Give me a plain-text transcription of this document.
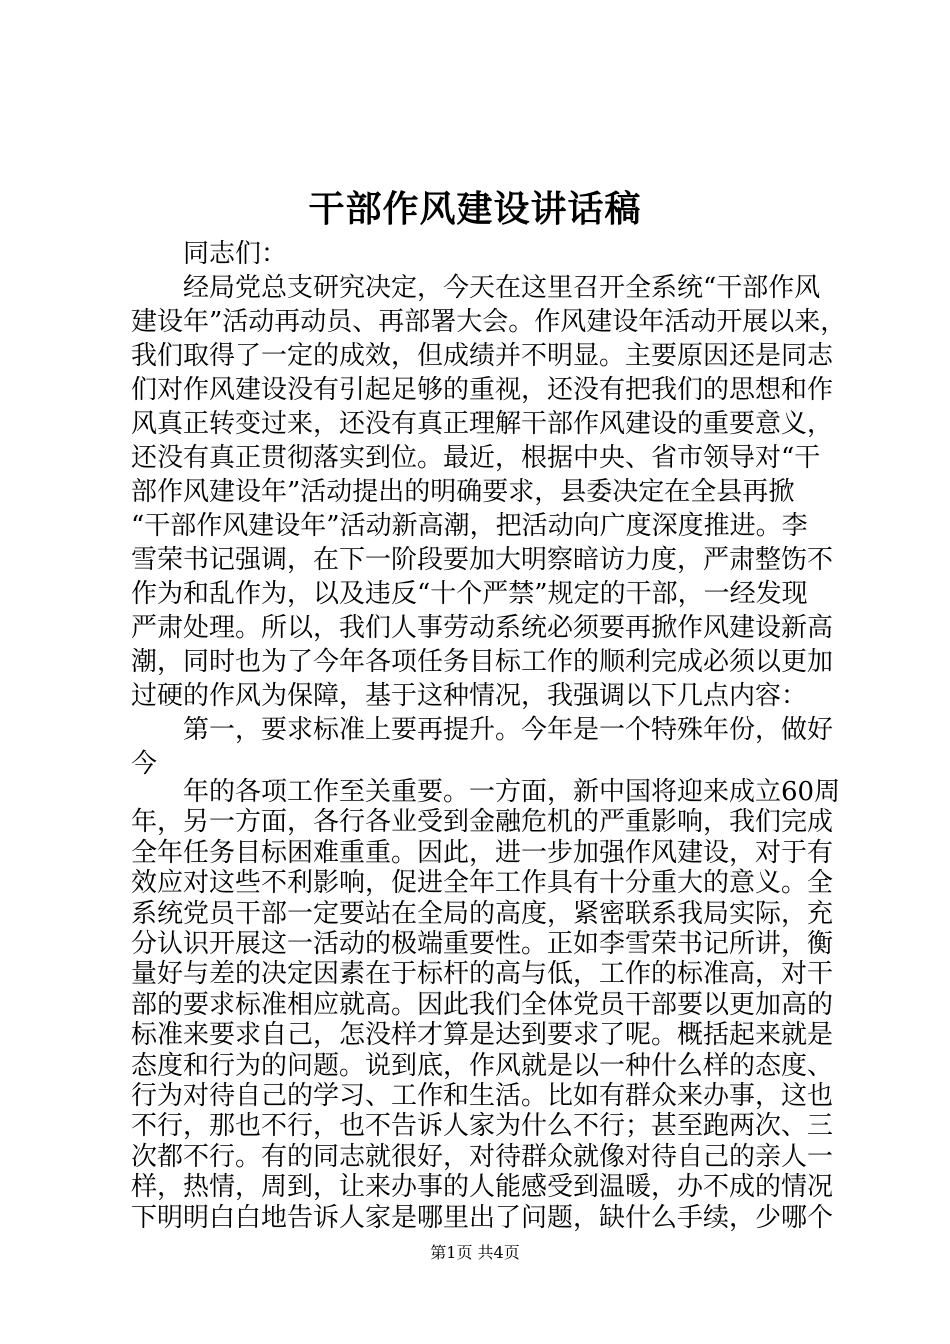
干部作风建设讲话稿
　　同志们：
　　经局党总支研究决定，今天在这里召开全系统“干部作风
建设年”活动再动员、再部署大会。作风建设年活动开展以来，
我们取得了一定的成效，但成绩并不明显。主要原因还是同志
们对作风建设没有引起足够的重视，还没有把我们的思想和作
风真正转变过来，还没有真正理解干部作风建设的重要意义，
还没有真正贯彻落实到位。最近，根据中央、省市领导对“干
部作风建设年”活动提出的明确要求，县委决定在全县再掀
“干部作风建设年”活动新高潮，把活动向广度深度推进。李
雪荣书记强调，在下一阶段要加大明察暗访力度，严肃整饬不
作为和乱作为，以及违反“十个严禁”规定的干部，一经发现
严肃处理。所以，我们人事劳动系统必须要再掀作风建设新高
潮，同时也为了今年各项任务目标工作的顺利完成必须以更加
过硬的作风为保障，基于这种情况，我强调以下几点内容：
　　第一，要求标准上要再提升。今年是一个特殊年份，做好
今
　　年的各项工作至关重要。一方面，新中国将迎来成立60周
年，另一方面，各行各业受到金融危机的严重影响，我们完成
全年任务目标困难重重。因此，进一步加强作风建设，对于有
效应对这些不利影响，促进全年工作具有十分重大的意义。全
系统党员干部一定要站在全局的高度，紧密联系我局实际，充
分认识开展这一活动的极端重要性。正如李雪荣书记所讲，衡
量好与差的决定因素在于标杆的高与低，工作的标准高，对干
部的要求标准相应就高。因此我们全体党员干部要以更加高的
标准来要求自己，怎没样才算是达到要求了呢。概括起来就是
态度和行为的问题。说到底，作风就是以一种什么样的态度、
行为对待自己的学习、工作和生活。比如有群众来办事，这也
不行，那也不行，也不告诉人家为什么不行；甚至跑两次、三
次都不行。有的同志就很好，对待群众就像对待自己的亲人一
样，热情，周到，让来办事的人能感受到温暖，办不成的情况
下明明白白地告诉人家是哪里出了问题，缺什么手续，少哪个
第1页 共4页
